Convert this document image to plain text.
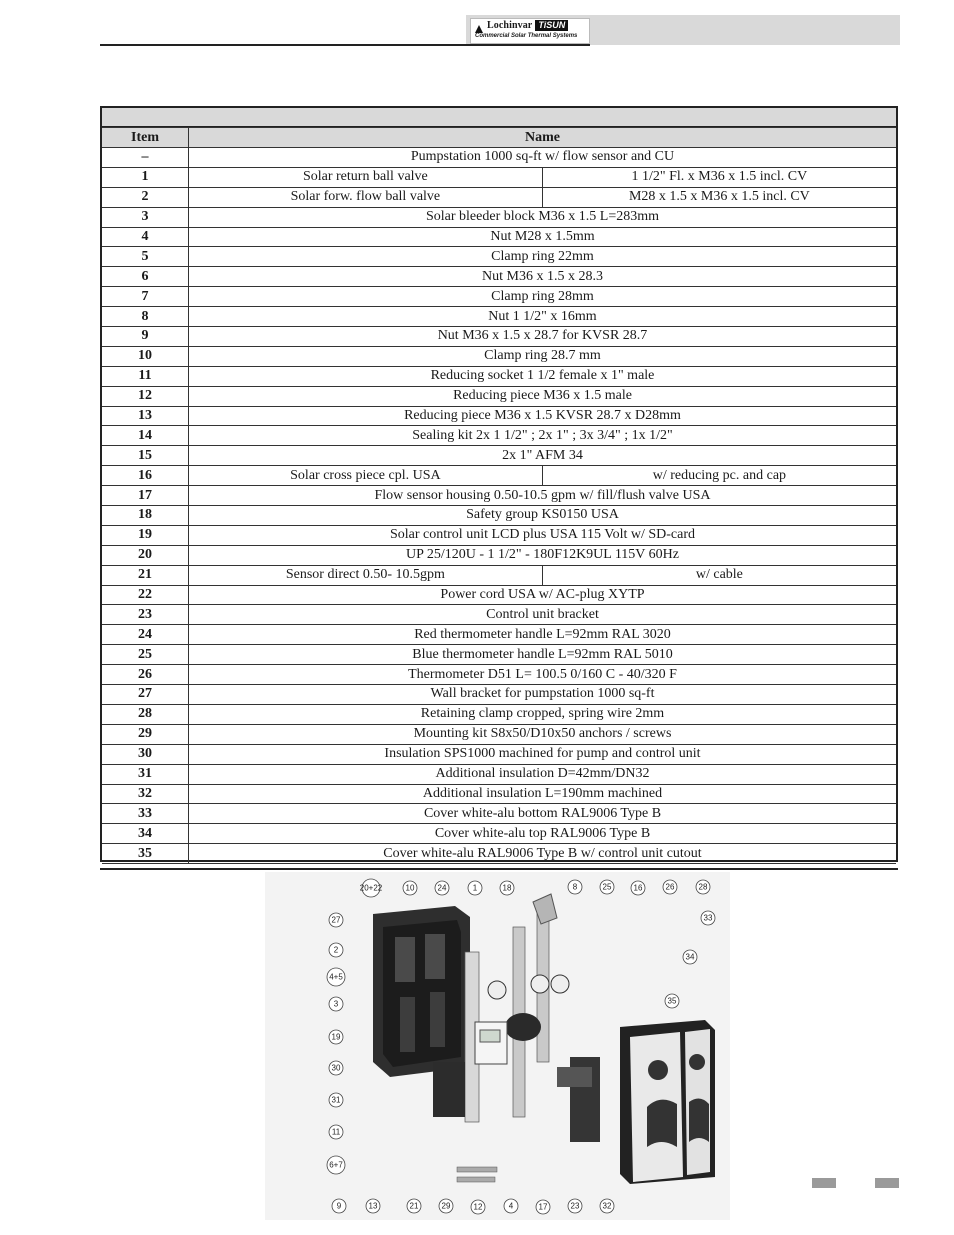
Lochinvar TiSUN
Commercial Solar Thermal Systems
Item	Name	
–	Pumpstation 1000 sq-ft w/ flow sensor and CU	
1	Solar return ball valve	1 1/2" Fl. x M36 x 1.5 incl. CV
2	Solar forw. flow ball valve	M28 x 1.5 x M36 x 1.5 incl. CV
3	Solar bleeder block M36 x 1.5 L=283mm	
4	Nut M28 x 1.5mm	
5	Clamp ring 22mm	
6	Nut M36 x 1.5 x 28.3	
7	Clamp ring 28mm	
8	Nut 1 1/2" x 16mm	
9	Nut M36 x 1.5 x 28.7 for KVSR 28.7	
10	Clamp ring 28.7 mm	
11	Reducing socket 1 1/2 female x 1" male	
12	Reducing piece M36 x 1.5 male	
13	Reducing piece M36 x 1.5 KVSR 28.7 x D28mm	
14	Sealing kit 2x 1 1/2" ; 2x 1" ; 3x 3/4" ; 1x 1/2"	
15	2x 1" AFM 34	
16	Solar cross piece cpl. USA	w/ reducing pc. and cap
17	Flow sensor housing 0.50-10.5 gpm w/ fill/flush valve USA	
18	Safety group KS0150 USA	
19	Solar control unit LCD plus USA 115 Volt w/ SD-card	
20	UP 25/120U - 1 1/2" - 180F12K9UL 115V 60Hz	
21	Sensor direct 0.50- 10.5gpm	w/ cable
22	Power cord USA w/ AC-plug XYTP	
23	Control unit bracket	
24	Red thermometer handle L=92mm RAL 3020	
25	Blue thermometer handle L=92mm RAL 5010	
26	Thermometer D51 L= 100.5 0/160 C - 40/320 F	
27	Wall bracket for pumpstation 1000 sq-ft	
28	Retaining clamp cropped, spring wire 2mm	
29	Mounting kit S8x50/D10x50 anchors / screws	
30	Insulation SPS1000 machined for pump and control unit	
31	Additional insulation D=42mm/DN32	
32	Additional insulation L=190mm machined	
33	Cover white-alu bottom RAL9006 Type B	
34	Cover white-alu top RAL9006 Type B	
35	Cover white-alu RAL9006 Type B w/ control unit cutout	
20+22	10	24	1	18	8	25	16	26	28
27
2
4+5
3
19
30
31
11
6+7
33
34
35
9	13	21	29	12	4	17	23	32
